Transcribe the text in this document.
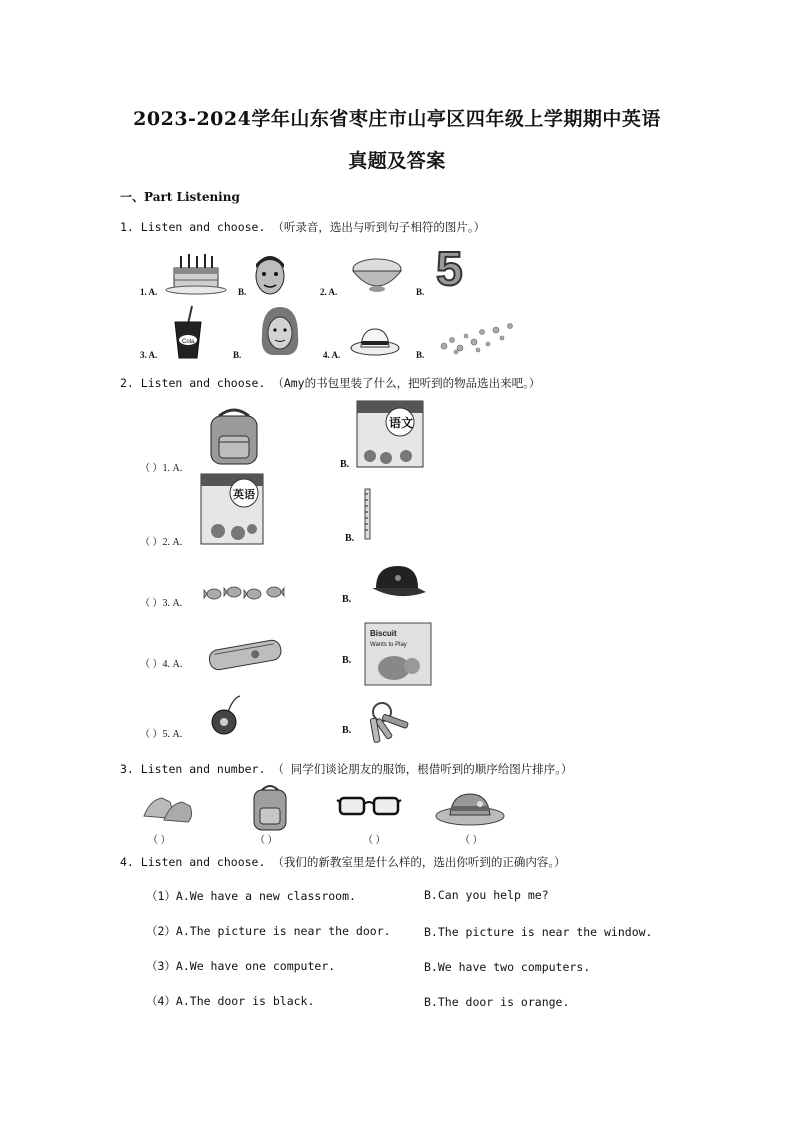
2023-2024学年山东省枣庄市山亭区四年级上学期期中英语
真题及答案
一、Part Listening
1. Listen and choose. （听录音，选出与听到句子相符的图片。）
1. A.	B.	2. A.	B. 5
3. A.
Cola
B.	4. A.	B.
2. Listen and choose. （Amy的书包里装了什么，把听到的物品选出来吧。）
（ ）1. A.	B.
语文
（ ）2. A.
英语
B.
（ ）3. A.	B.
（ ）4. A.	B.
Biscuit
Wants to Play
（ ）5. A.	B.
3. Listen and number. （ 同学们谈论朋友的服饰，根借听到的顺序给图片排序。）
（ ）	（ ）	（ ）	（ ）
4. Listen and choose. （我们的新教室里是什么样的，选出你听到的正确内容。）
（1）A.We have a new classroom.	B.Can you help me?
（2）A.The picture is near the door.	B.The picture is near the window.
（3）A.We have one computer.	B.We have two computers.
（4）A.The door is black.	B.The door is orange.
